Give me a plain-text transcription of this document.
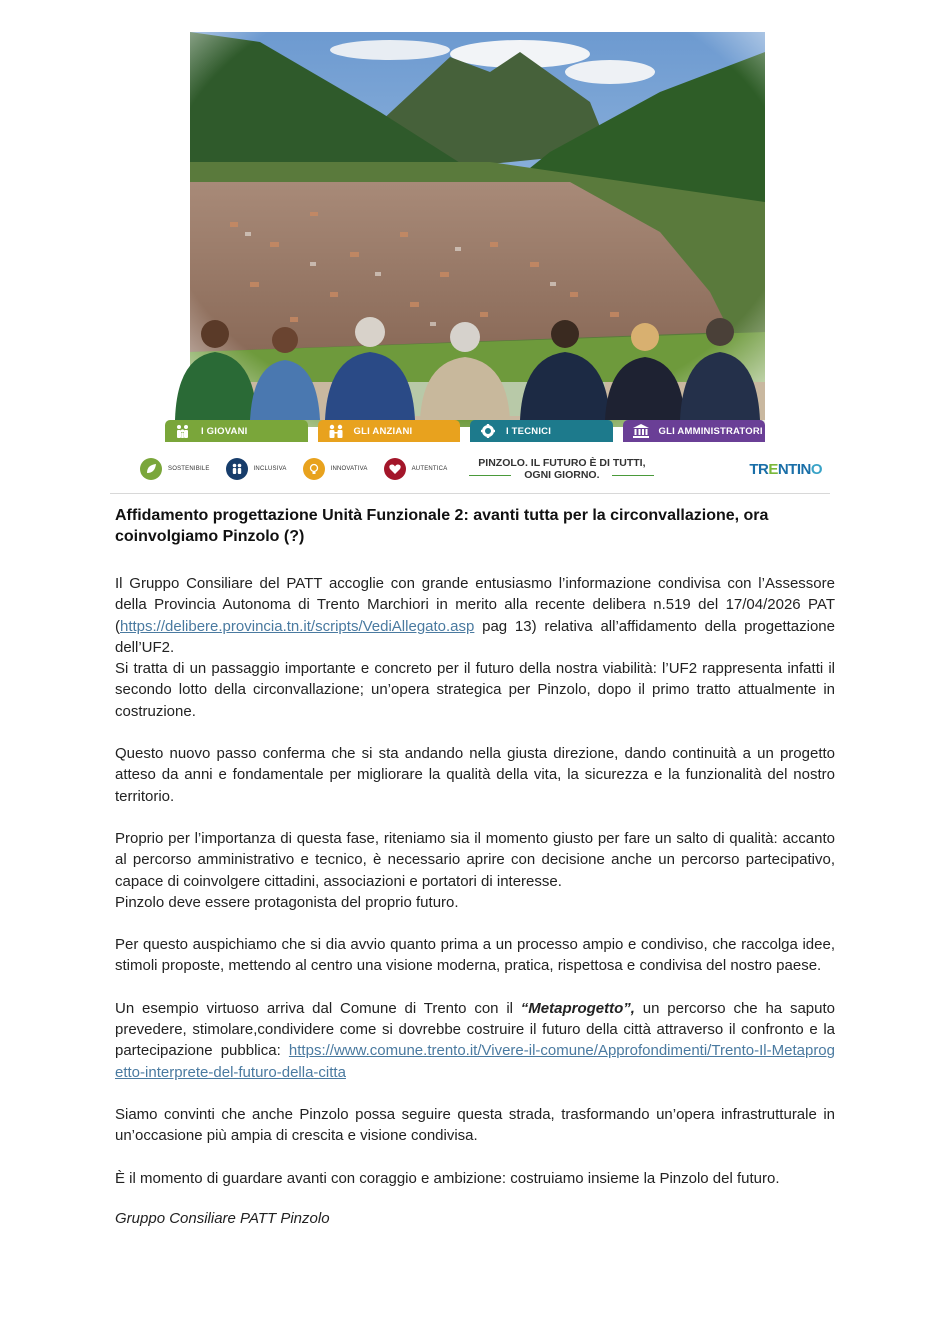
I GIOVANI	GLI ANZIANI	I TECNICI	GLI AMMINISTRATORI
SOSTENIBILE	INCLUSIVA	INNOVATIVA	AUTENTICA	PINZOLO. IL FUTURO È DI TUTTI,
OGNI GIORNO.	TRENTINO
Affidamento progettazione Unità Funzionale 2: avanti tutta per la circonvallazione, ora coinvolgiamo Pinzolo (?)

Il Gruppo Consiliare del PATT accoglie con grande entusiasmo l’informazione condivisa con l’Assessore della Provincia Autonoma di Trento Marchiori in merito alla recente delibera n.519 del 17/04/2026 PAT (https://delibere.provincia.tn.it/scripts/VediAllegato.asp pag 13) relativa all’affidamento della progettazione dell’UF2.

Si tratta di un passaggio importante e concreto per il futuro della nostra viabilità: l’UF2 rappresenta infatti il secondo lotto della circonvallazione; un’opera strategica per Pinzolo, dopo il primo tratto attualmente in costruzione.

Questo nuovo passo conferma che si sta andando nella giusta direzione, dando continuità a un progetto atteso da anni e fondamentale per migliorare la qualità della vita, la sicurezza e la funzionalità del nostro territorio.

Proprio per l’importanza di questa fase, riteniamo sia il momento giusto per fare un salto di qualità: accanto al percorso amministrativo e tecnico, è necessario aprire con decisione anche un percorso partecipativo, capace di coinvolgere cittadini, associazioni e portatori di interesse.

Pinzolo deve essere protagonista del proprio futuro.

Per questo auspichiamo che si dia avvio quanto prima a un processo ampio e condiviso, che raccolga idee, stimoli proposte, mettendo al centro una visione moderna, pratica, rispettosa e condivisa del nostro paese.

Un esempio virtuoso arriva dal Comune di Trento con il “Metaprogetto”, un percorso che ha saputo prevedere, stimolare,condividere come si dovrebbe costruire il futuro della città attraverso il confronto e la partecipazione pubblica: https://www.comune.trento.it/Vivere-il-comune/Approfondimenti/Trento-Il-Metaprogetto-interprete-del-futuro-della-citta

Siamo convinti che anche Pinzolo possa seguire questa strada, trasformando un’opera infrastrutturale in un’occasione più ampia di crescita e visione condivisa.

È il momento di guardare avanti con coraggio e ambizione: costruiamo insieme la Pinzolo del futuro.

Gruppo Consiliare PATT Pinzolo
